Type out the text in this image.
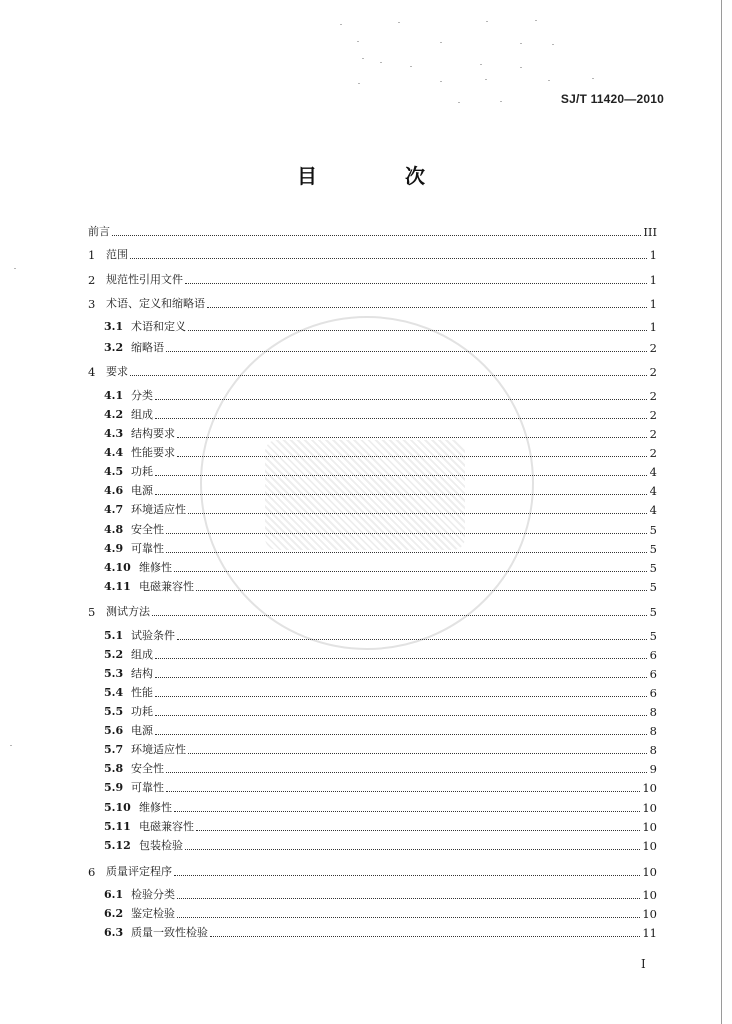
SJ/T 11420—2010
目　次
前言	III
1 范围	1
2 规范性引用文件	1
3 术语、定义和缩略语	1
3.1 术语和定义	1
3.2 缩略语	2
4 要求	2
4.1 分类	2
4.2 组成	2
4.3 结构要求	2
4.4 性能要求	2
4.5 功耗	4
4.6 电源	4
4.7 环境适应性	4
4.8 安全性	5
4.9 可靠性	5
4.10 维修性	5
4.11 电磁兼容性	5
5 测试方法	5
5.1 试验条件	5
5.2 组成	6
5.3 结构	6
5.4 性能	6
5.5 功耗	8
5.6 电源	8
5.7 环境适应性	8
5.8 安全性	9
5.9 可靠性	10
5.10 维修性	10
5.11 电磁兼容性	10
5.12 包装检验	10
6 质量评定程序	10
6.1 检验分类	10
6.2 鉴定检验	10
6.3 质量一致性检验	11
I
